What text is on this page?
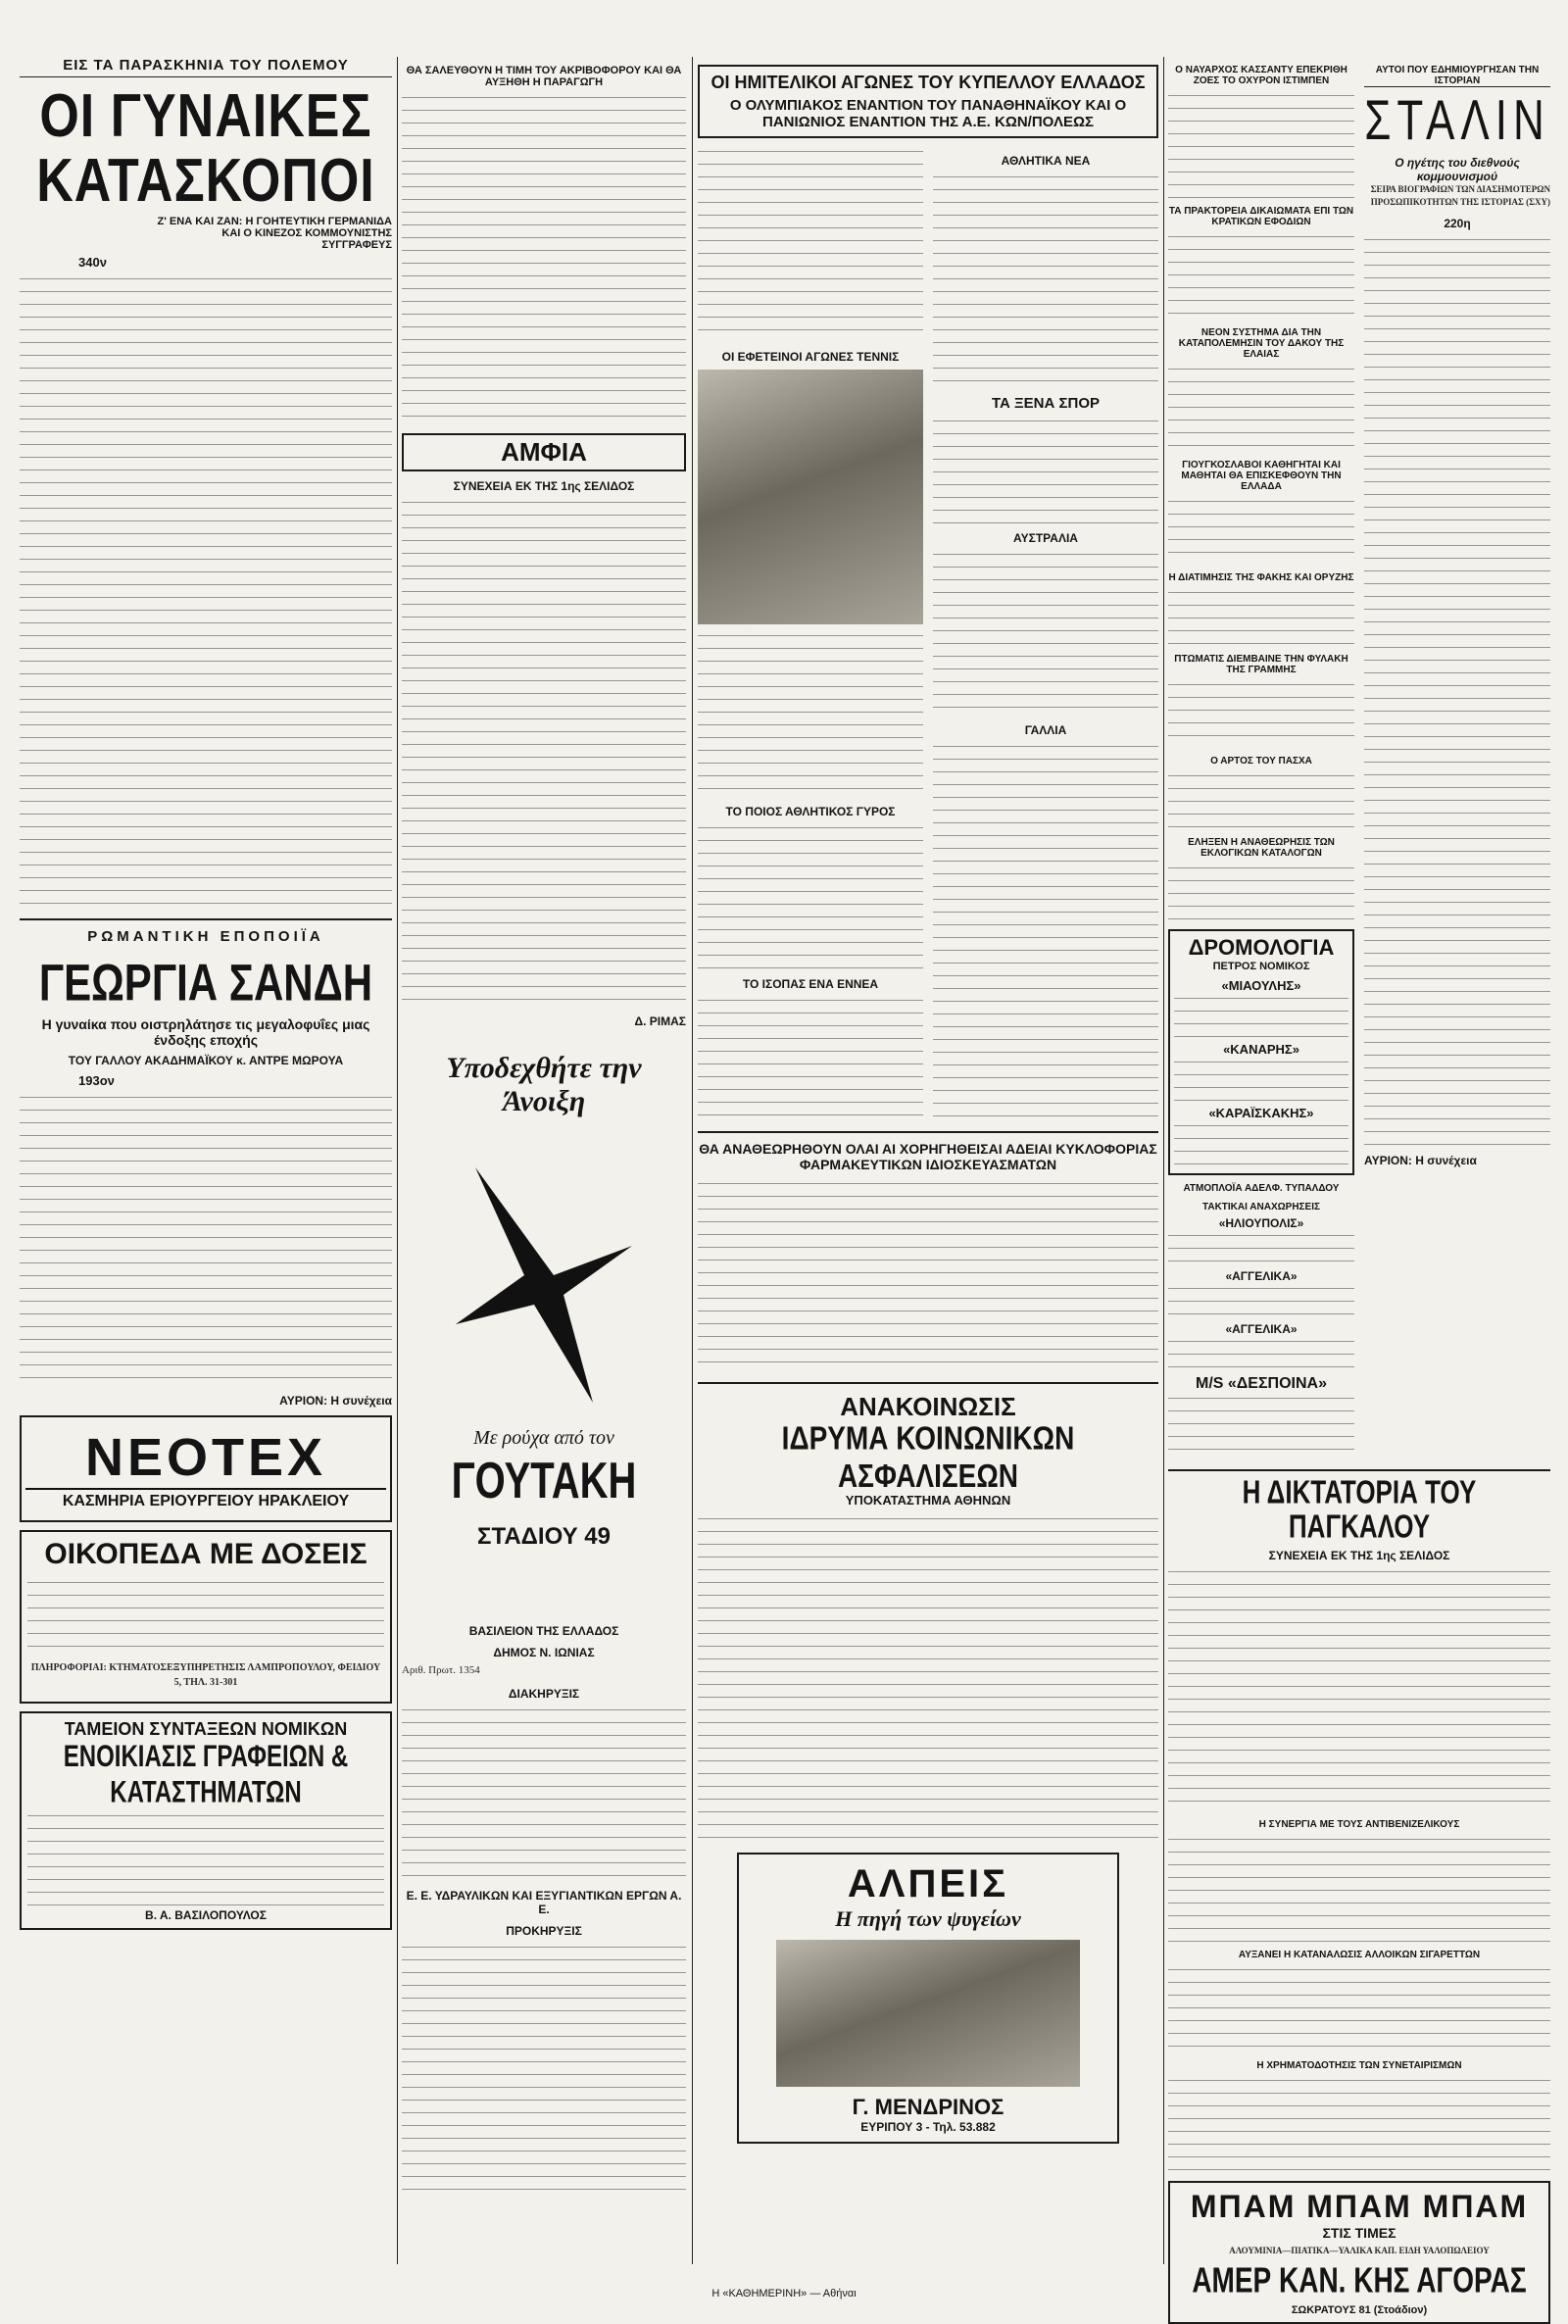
ΕΙΣ ΤΑ ΠΑΡΑΣΚΗΝΙΑ ΤΟΥ ΠΟΛΕΜΟΥ
ΟΙ ΓΥΝΑΙΚΕΣ ΚΑΤΑΣΚΟΠΟΙ
Ζ' ΕΝΑ ΚΑΙ ΖΑΝ: Η ΓΟΗΤΕΥΤΙΚΗ ΓΕΡΜΑΝΙΔΑ ΚΑΙ Ο ΚΙΝΕΖΟΣ ΚΟΜΜΟΥΝΙΣΤΗΣ ΣΥΓΓΡΑΦΕΥΣ
340ν
ΡΩΜΑΝΤΙΚΗ ΕΠΟΠΟΙΪΑ
ΓΕΩΡΓΙΑ ΣΑΝΔΗ
Η γυναίκα που οιστρηλάτησε τις μεγαλοφυΐες μιας ένδοξης εποχής
ΤΟΥ ΓΑΛΛΟΥ ΑΚΑΔΗΜΑΪΚΟΥ κ. ΑΝΤΡΕ ΜΩΡΟΥΑ
193ον
ΑΥΡΙΟΝ: Η συνέχεια
ΝΕΟΤΕΧ
ΚΑΣΜΗΡΙΑ ΕΡΙΟΥΡΓΕΙΟΥ ΗΡΑΚΛΕΙΟΥ
ΟΙΚΟΠΕΔΑ ΜΕ ΔΟΣΕΙΣ
ΠΛΗΡΟΦΟΡΙΑΙ: ΚΤΗΜΑΤΟΣΕΞΥΠΗΡΕΤΗΣΙΣ ΛΑΜΠΡΟΠΟΥΛΟΥ, ΦΕΙΔΙΟΥ 5, ΤΗΛ. 31-301
ΤΑΜΕΙΟΝ ΣΥΝΤΑΞΕΩΝ ΝΟΜΙΚΩΝ
ΕΝΟΙΚΙΑΣΙΣ ΓΡΑΦΕΙΩΝ & ΚΑΤΑΣΤΗΜΑΤΩΝ
Β. Α. ΒΑΣΙΛΟΠΟΥΛΟΣ
ΘΑ ΣΑΛΕΥΘΟΥΝ Η ΤΙΜΗ ΤΟΥ ΑΚΡΙΒΟΦΟΡΟΥ ΚΑΙ ΘΑ ΑΥΞΗΘΗ Η ΠΑΡΑΓΩΓΗ
ΑΜΦΙΑ
ΣΥΝΕΧΕΙΑ ΕΚ ΤΗΣ 1ης ΣΕΛΙΔΟΣ
Δ. ΡΙΜΑΣ
Υποδεχθήτε την Άνοιξη
Με ρούχα από τον
ΓΟΥΤΑΚΗ
ΣΤΑΔΙΟΥ 49
ΒΑΣΙΛΕΙΟΝ ΤΗΣ ΕΛΛΑΔΟΣ
ΔΗΜΟΣ Ν. ΙΩΝΙΑΣ
Αριθ. Πρωτ. 1354
ΔΙΑΚΗΡΥΞΙΣ
Ε. Ε. ΥΔΡΑΥΛΙΚΩΝ ΚΑΙ ΕΞΥΓΙΑΝΤΙΚΩΝ ΕΡΓΩΝ Α. Ε.
ΠΡΟΚΗΡΥΞΙΣ
ΟΙ ΗΜΙΤΕΛΙΚΟΙ ΑΓΩΝΕΣ ΤΟΥ ΚΥΠΕΛΛΟΥ ΕΛΛΑΔΟΣ
Ο ΟΛΥΜΠΙΑΚΟΣ ΕΝΑΝΤΙΟΝ ΤΟΥ ΠΑΝΑΘΗΝΑΪΚΟΥ ΚΑΙ Ο ΠΑΝΙΩΝΙΟΣ ΕΝΑΝΤΙΟΝ ΤΗΣ Α.Ε. ΚΩΝ/ΠΟΛΕΩΣ
ΟΙ ΕΦΕΤΕΙΝΟΙ ΑΓΩΝΕΣ ΤΕΝΝΙΣ
ΤΟ ΠΟΙΟΣ ΑΘΛΗΤΙΚΟΣ ΓΥΡΟΣ
ΤΟ ΙΣΟΠΑΣ ΕΝΑ ΕΝΝΕΑ
ΑΘΛΗΤΙΚΑ ΝΕΑ
ΤΑ ΞΕΝΑ ΣΠΟΡ
ΑΥΣΤΡΑΛΙΑ
ΓΑΛΛΙΑ
ΘΑ ΑΝΑΘΕΩΡΗΘΟΥΝ ΟΛΑΙ ΑΙ ΧΟΡΗΓΗΘΕΙΣΑΙ ΑΔΕΙΑΙ ΚΥΚΛΟΦΟΡΙΑΣ ΦΑΡΜΑΚΕΥΤΙΚΩΝ ΙΔΙΟΣΚΕΥΑΣΜΑΤΩΝ
ΑΝΑΚΟΙΝΩΣΙΣ
ΙΔΡΥΜΑ ΚΟΙΝΩΝΙΚΩΝ ΑΣΦΑΛΙΣΕΩΝ
ΥΠΟΚΑΤΑΣΤΗΜΑ ΑΘΗΝΩΝ
ΑΛΠΕΙΣ
Η πηγή των ψυγείων
Γ. ΜΕΝΔΡΙΝΟΣ
ΕΥΡΙΠΟΥ 3 - Τηλ. 53.882
Ο ΝΑΥΑΡΧΟΣ ΚΑΣΣΑΝΤΥ ΕΠΕΚΡΙΘΗ ΖΟΕΣ ΤΟ ΟΧΥΡΟΝ ΙΣΤΙΜΠΕΝ
ΤΑ ΠΡΑΚΤΟΡΕΙΑ ΔΙΚΑΙΩΜΑΤΑ ΕΠΙ ΤΩΝ ΚΡΑΤΙΚΩΝ ΕΦΟΔΙΩΝ
ΝΕΟΝ ΣΥΣΤΗΜΑ ΔΙΑ ΤΗΝ ΚΑΤΑΠΟΛΕΜΗΣΙΝ ΤΟΥ ΔΑΚΟΥ ΤΗΣ ΕΛΑΙΑΣ
ΓΙΟΥΓΚΟΣΛΑΒΟΙ ΚΑΘΗΓΗΤΑΙ ΚΑΙ ΜΑΘΗΤΑΙ ΘΑ ΕΠΙΣΚΕΦΘΟΥΝ ΤΗΝ ΕΛΛΑΔΑ
Η ΔΙΑΤΙΜΗΣΙΣ ΤΗΣ ΦΑΚΗΣ ΚΑΙ ΟΡΥΖΗΣ
ΠΤΩΜΑΤΙΣ ΔΙΕΜΒΑΙΝΕ ΤΗΝ ΦΥΛΑΚΗ ΤΗΣ ΓΡΑΜΜΗΣ
Ο ΑΡΤΟΣ ΤΟΥ ΠΑΣΧΑ
ΕΛΗΞΕΝ Η ΑΝΑΘΕΩΡΗΣΙΣ ΤΩΝ ΕΚΛΟΓΙΚΩΝ ΚΑΤΑΛΟΓΩΝ
ΔΡΟΜΟΛΟΓΙΑ
ΠΕΤΡΟΣ ΝΟΜΙΚΟΣ
«ΜΙΑΟΥΛΗΣ»
«ΚΑΝΑΡΗΣ»
«ΚΑΡΑΪΣΚΑΚΗΣ»
ΑΤΜΟΠΛΟΪΑ ΑΔΕΛΦ. ΤΥΠΑΛΔΟΥ
ΤΑΚΤΙΚΑΙ ΑΝΑΧΩΡΗΣΕΙΣ
«ΗΛΙΟΥΠΟΛΙΣ»
«ΑΓΓΕΛΙΚΑ»
«ΑΓΓΕΛΙΚΑ»
Μ/S «ΔΕΣΠΟΙΝΑ»
ΑΥΤΟΙ ΠΟΥ ΕΔΗΜΙΟΥΡΓΗΣΑΝ ΤΗΝ ΙΣΤΟΡΙΑΝ
ΣΤΑΛΙΝ
Ο ηγέτης του διεθνούς κομμουνισμού
ΣΕΙΡΑ ΒΙΟΓΡΑΦΙΩΝ ΤΩΝ ΔΙΑΣΗΜΟΤΕΡΩΝ ΠΡΟΣΩΠΙΚΟΤΗΤΩΝ ΤΗΣ ΙΣΤΟΡΙΑΣ (ΣΧΥ)
220η
ΑΥΡΙΟΝ: Η συνέχεια
Η ΔΙΚΤΑΤΟΡΙΑ ΤΟΥ ΠΑΓΚΑΛΟΥ
ΣΥΝΕΧΕΙΑ ΕΚ ΤΗΣ 1ης ΣΕΛΙΔΟΣ
Η ΣΥΝΕΡΓΙΑ ΜΕ ΤΟΥΣ ΑΝΤΙΒΕΝΙΖΕΛΙΚΟΥΣ
ΑΥΞΑΝΕΙ Η ΚΑΤΑΝΑΛΩΣΙΣ ΑΛΛΟΙΚΩΝ ΣΙΓΑΡΕΤΤΩΝ
Η ΧΡΗΜΑΤΟΔΟΤΗΣΙΣ ΤΩΝ ΣΥΝΕΤΑΙΡΙΣΜΩΝ
ΜΠΑΜ ΜΠΑΜ ΜΠΑΜ
ΣΤΙΣ ΤΙΜΕΣ
ΑΛΟΥΜΙΝΙΑ—ΠΙΑΤΙΚΑ—ΥΑΛΙΚΑ ΚΑΠ. ΕΙΔΗ ΥΑΛΟΠΩΛΕΙΟΥ
ΑΜΕΡ ΚΑΝ. ΚΗΣ ΑΓΟΡΑΣ
ΣΩΚΡΑΤΟΥΣ 81 (Στοάδιον)
Η «ΚΑΘΗΜΕΡΙΝΗ» — Αθήναι
